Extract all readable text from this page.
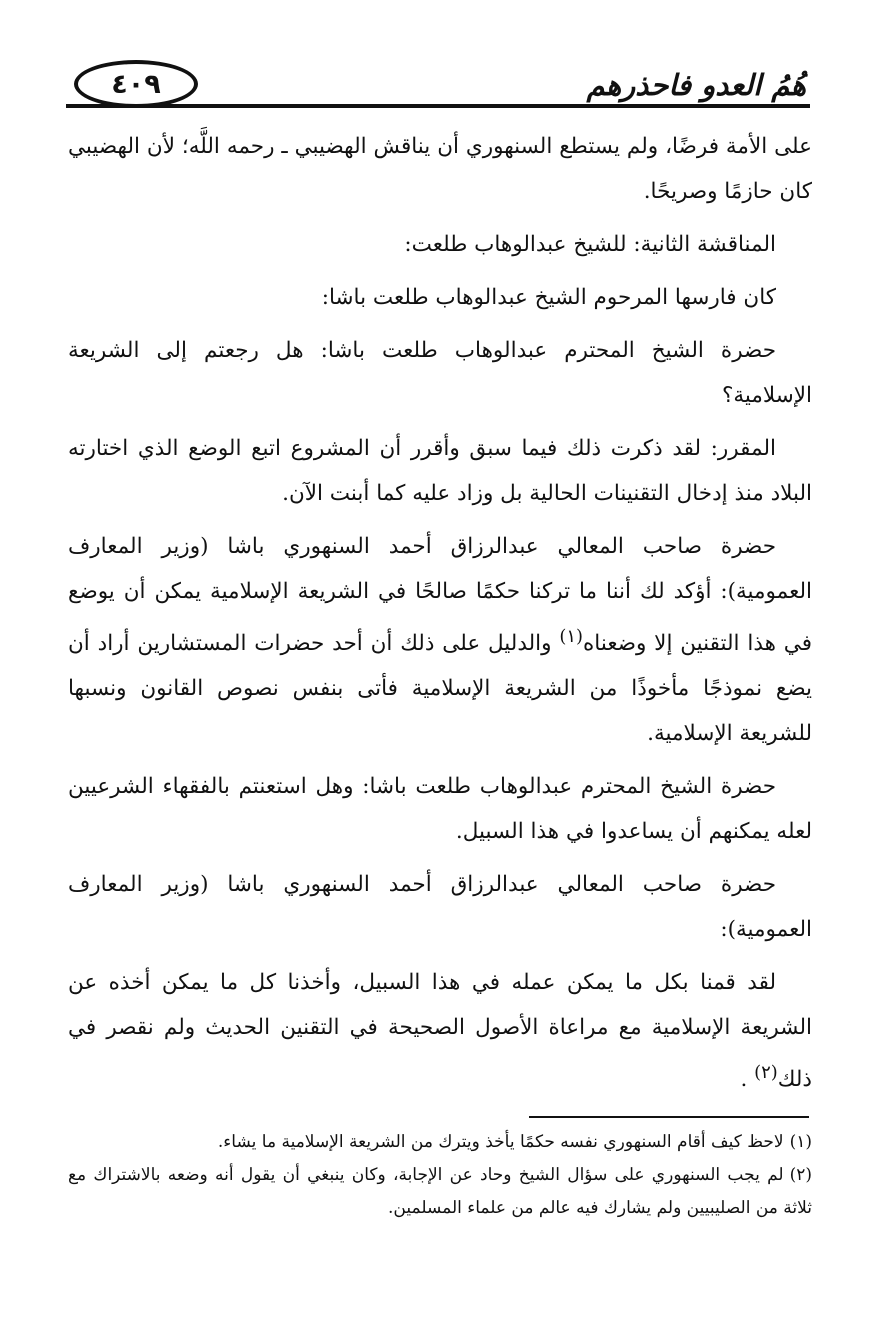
هُمُ العدو فاحذرهم
٤٠٩

على الأمة فرضًا، ولم يستطع السنهوري أن يناقش الهضيبي ـ رحمه اللَّه؛ لأن الهضيبي كان حازمًا وصريحًا.

المناقشة الثانية: للشيخ عبدالوهاب طلعت:

كان فارسها المرحوم الشيخ عبدالوهاب طلعت باشا:

حضرة الشيخ المحترم عبدالوهاب طلعت باشا: هل رجعتم إلى الشريعة الإسلامية؟

المقرر: لقد ذكرت ذلك فيما سبق وأقرر أن المشروع اتبع الوضع الذي اختارته البلاد منذ إدخال التقنينات الحالية بل وزاد عليه كما أبنت الآن.

حضرة صاحب المعالي عبدالرزاق أحمد السنهوري باشا (وزير المعارف العمومية): أؤكد لك أننا ما تركنا حكمًا صالحًا في الشريعة الإسلامية يمكن أن يوضع في هذا التقنين إلا وضعناه$^{(١)}$ والدليل على ذلك أن أحد حضرات المستشارين أراد أن يضع نموذجًا مأخوذًا من الشريعة الإسلامية فأتى بنفس نصوص القانون ونسبها للشريعة الإسلامية.

حضرة الشيخ المحترم عبدالوهاب طلعت باشا: وهل استعنتم بالفقهاء الشرعيين لعله يمكنهم أن يساعدوا في هذا السبيل.

حضرة صاحب المعالي عبدالرزاق أحمد السنهوري باشا (وزير المعارف العمومية):

لقد قمنا بكل ما يمكن عمله في هذا السبيل، وأخذنا كل ما يمكن أخذه عن الشريعة الإسلامية مع مراعاة الأصول الصحيحة في التقنين الحديث ولم نقصر في ذلك$^{(٢)}$ .

(١)لاحظ كيف أقام السنهوري نفسه حكمًا يأخذ ويترك من الشريعة الإسلامية ما يشاء.

(٢)لم يجب السنهوري على سؤال الشيخ وحاد عن الإجابة، وكان ينبغي أن يقول أنه وضعه بالاشتراك مع ثلاثة من الصليبيين ولم يشارك فيه عالم من علماء المسلمين.
